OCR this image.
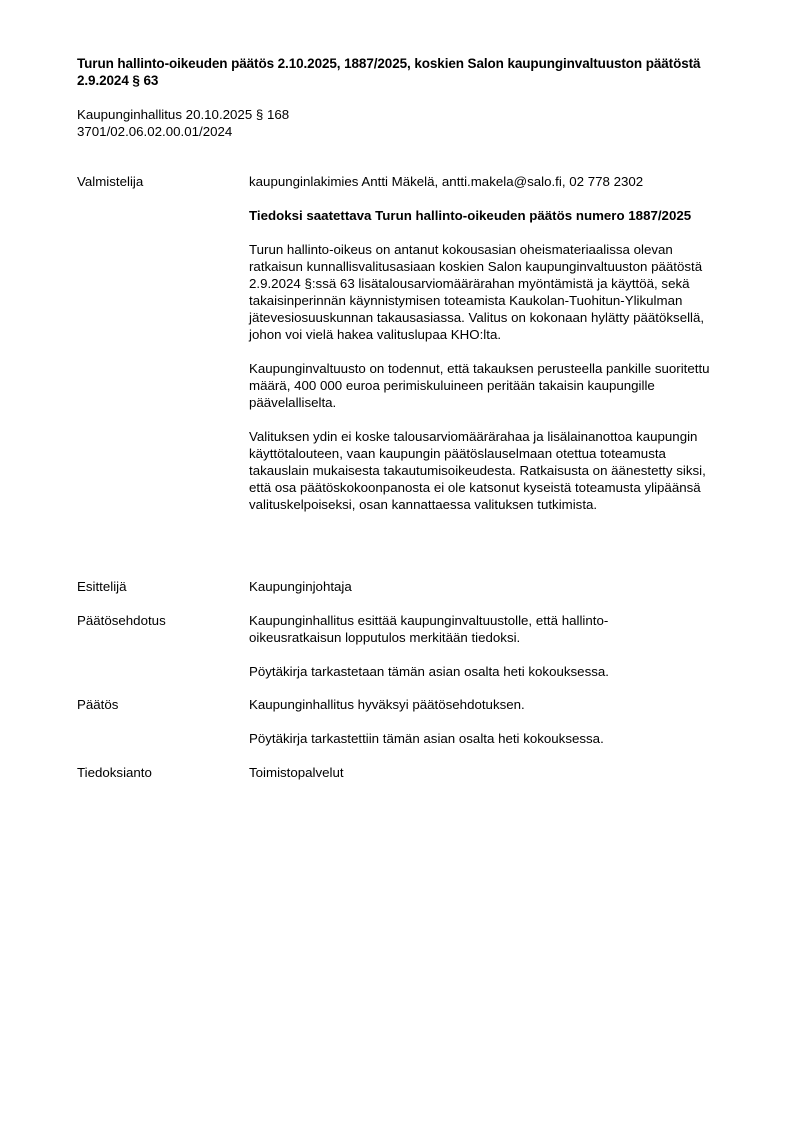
Turun hallinto-oikeuden päätös 2.10.2025, 1887/2025, koskien Salon kaupunginvaltuuston päätöstä 2.9.2024 § 63
Kaupunginhallitus 20.10.2025 § 168
3701/02.06.02.00.01/2024
Valmistelija	kaupunginlakimies Antti Mäkelä, antti.makela@salo.fi, 02 778 2302

Tiedoksi saatettava Turun hallinto-oikeuden päätös numero 1887/2025

Turun hallinto-oikeus on antanut kokousasian oheismateriaalissa olevan ratkaisun kunnallisvalitusasiaan koskien Salon kaupunginvaltuuston päätöstä 2.9.2024 §:ssä 63 lisätalousarviomäärärahan myöntämistä ja käyttöä, sekä takaisinperinnän käynnistymisen toteamista Kaukolan-Tuohitun-Ylikulman jätevesiosuuskunnan takausasiassa. Valitus on kokonaan hylätty päätöksellä, johon voi vielä hakea valituslupaa KHO:lta.

Kaupunginvaltuusto on todennut, että takauksen perusteella pankille suoritettu määrä, 400 000 euroa perimiskuluineen peritään takaisin kaupungille päävelalliselta.

Valituksen ydin ei koske talousarviomäärärahaa ja lisälainanottoa kaupungin käyttötalouteen, vaan kaupungin päätöslauselmaan otettua toteamusta takauslain mukaisesta takautumisoikeudesta. Ratkaisusta on äänestetty siksi, että osa päätöskokoonpanosta ei ole katsonut kyseistä toteamusta ylipäänsä valituskelpoiseksi, osan kannattaessa valituksen tutkimista.

Esittelijä	Kaupunginjohtaja
Päätösehdotus	Kaupunginhallitus esittää kaupunginvaltuustolle, että hallinto-oikeusratkaisun lopputulos merkitään tiedoksi.

Pöytäkirja tarkastetaan tämän asian osalta heti kokouksessa.

Päätös	Kaupunginhallitus hyväksyi päätösehdotuksen.

Pöytäkirja tarkastettiin tämän asian osalta heti kokouksessa.

Tiedoksianto	Toimistopalvelut
